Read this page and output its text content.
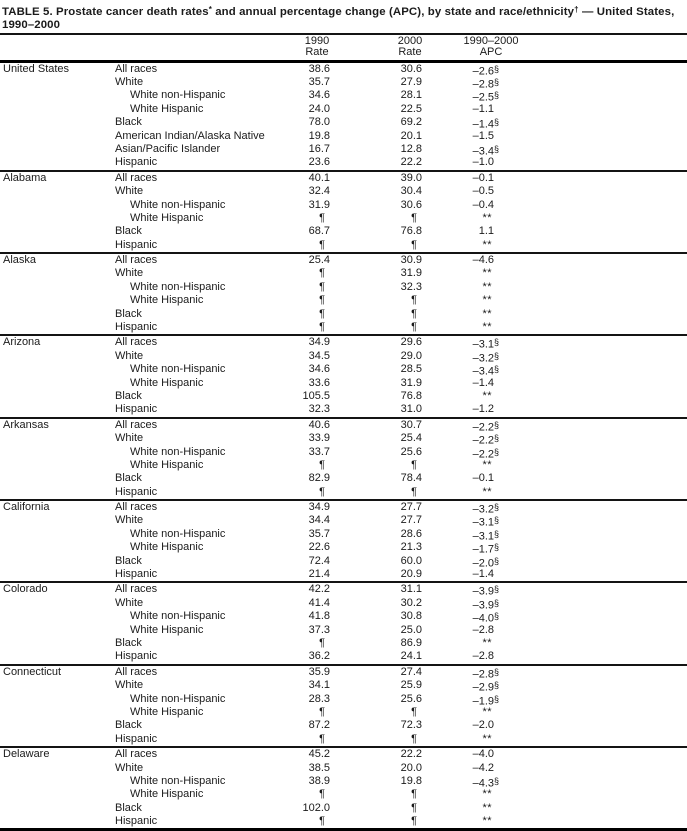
TABLE 5. Prostate cancer death rates* and annual percentage change (APC), by state and race/ethnicity† — United States,
1990–2000
1990
Rate
2000
Rate
1990–2000
APC
United States	All races	38.6	30.6	–2.6§
White	35.7	27.9	–2.8§
White non-Hispanic	34.6	28.1	–2.5§
White Hispanic	24.0	22.5	–1.1
Black	78.0	69.2	–1.4§
American Indian/Alaska Native	19.8	20.1	–1.5
Asian/Pacific Islander	16.7	12.8	–3.4§
Hispanic	23.6	22.2	–1.0
Alabama	All races	40.1	39.0	–0.1
White	32.4	30.4	–0.5
White non-Hispanic	31.9	30.6	–0.4
White Hispanic	¶	¶	**
Black	68.7	76.8	1.1
Hispanic	¶	¶	**
Alaska	All races	25.4	30.9	–4.6
White	¶	31.9	**
White non-Hispanic	¶	32.3	**
White Hispanic	¶	¶	**
Black	¶	¶	**
Hispanic	¶	¶	**
Arizona	All races	34.9	29.6	–3.1§
White	34.5	29.0	–3.2§
White non-Hispanic	34.6	28.5	–3.4§
White Hispanic	33.6	31.9	–1.4
Black	105.5	76.8	**
Hispanic	32.3	31.0	–1.2
Arkansas	All races	40.6	30.7	–2.2§
White	33.9	25.4	–2.2§
White non-Hispanic	33.7	25.6	–2.2§
White Hispanic	¶	¶	**
Black	82.9	78.4	–0.1
Hispanic	¶	¶	**
California	All races	34.9	27.7	–3.2§
White	34.4	27.7	–3.1§
White non-Hispanic	35.7	28.6	–3.1§
White Hispanic	22.6	21.3	–1.7§
Black	72.4	60.0	–2.0§
Hispanic	21.4	20.9	–1.4
Colorado	All races	42.2	31.1	–3.9§
White	41.4	30.2	–3.9§
White non-Hispanic	41.8	30.8	–4.0§
White Hispanic	37.3	25.0	–2.8
Black	¶	86.9	**
Hispanic	36.2	24.1	–2.8
Connecticut	All races	35.9	27.4	–2.8§
White	34.1	25.9	–2.9§
White non-Hispanic	28.3	25.6	–1.9§
White Hispanic	¶	¶	**
Black	87.2	72.3	–2.0
Hispanic	¶	¶	**
Delaware	All races	45.2	22.2	–4.0
White	38.5	20.0	–4.2
White non-Hispanic	38.9	19.8	–4.3§
White Hispanic	¶	¶	**
Black	102.0	¶	**
Hispanic	¶	¶	**
